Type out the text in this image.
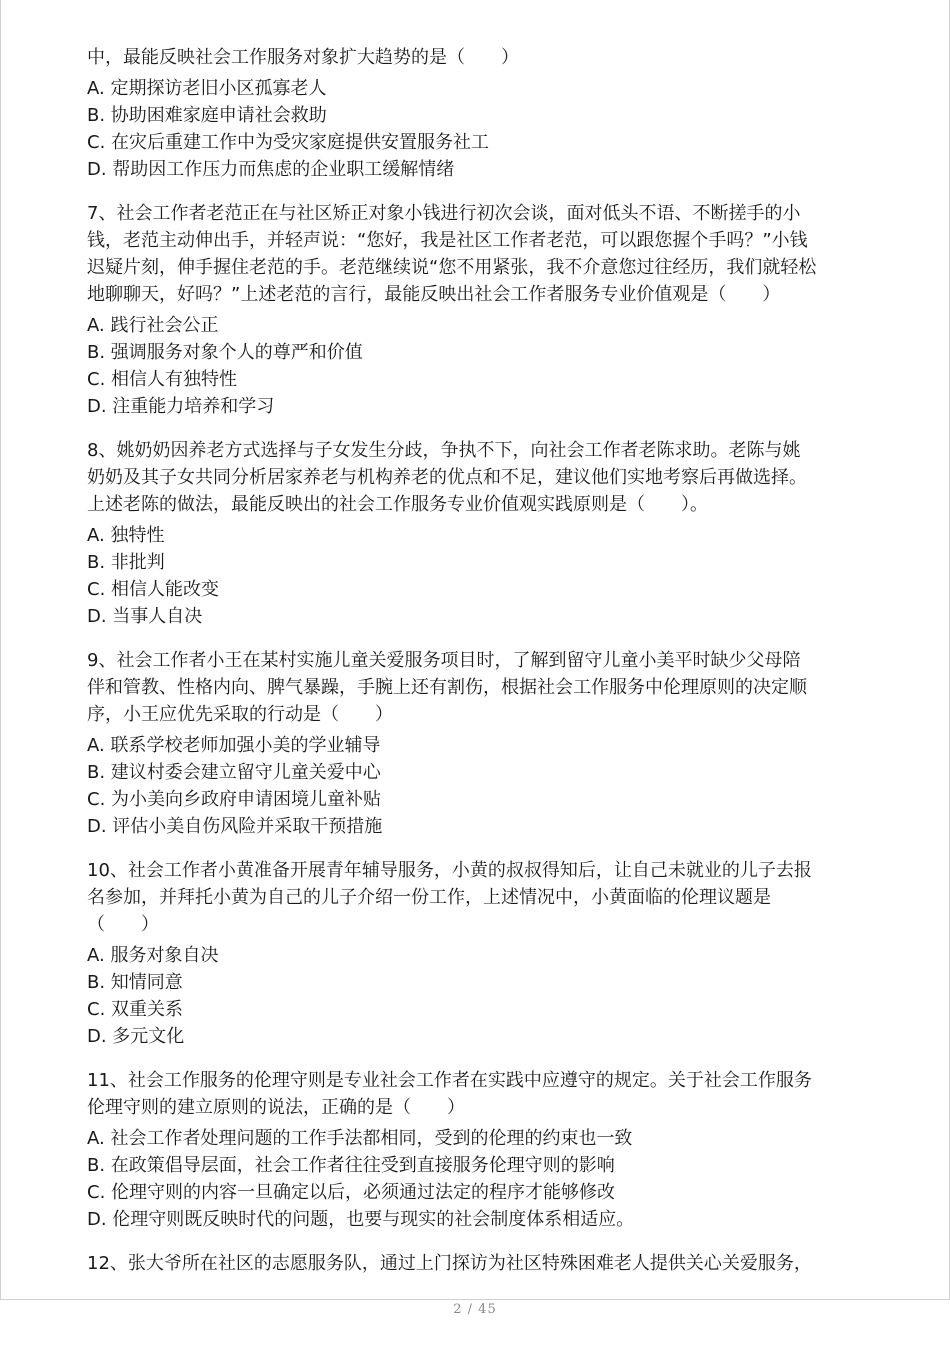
中，最能反映社会工作服务对象扩大趋势的是（　　）
A. 定期探访老旧小区孤寡老人
B. 协助困难家庭申请社会救助
C. 在灾后重建工作中为受灾家庭提供安置服务社工
D. 帮助因工作压力而焦虑的企业职工缓解情绪
7、社会工作者老范正在与社区矫正对象小钱进行初次会谈，面对低头不语、不断搓手的小
钱，老范主动伸出手，并轻声说：“您好，我是社区工作者老范，可以跟您握个手吗？”小钱
迟疑片刻，伸手握住老范的手。老范继续说“您不用紧张，我不介意您过往经历，我们就轻松
地聊聊天，好吗？”上述老范的言行，最能反映出社会工作者服务专业价值观是（　　）
A. 践行社会公正
B. 强调服务对象个人的尊严和价值
C. 相信人有独特性
D. 注重能力培养和学习
8、姚奶奶因养老方式选择与子女发生分歧，争执不下，向社会工作者老陈求助。老陈与姚
奶奶及其子女共同分析居家养老与机构养老的优点和不足，建议他们实地考察后再做选择。
上述老陈的做法，最能反映出的社会工作服务专业价值观实践原则是（　　）。
A. 独特性
B. 非批判
C. 相信人能改变
D. 当事人自决
9、社会工作者小王在某村实施儿童关爱服务项目时，了解到留守儿童小美平时缺少父母陪
伴和管教、性格内向、脾气暴躁，手腕上还有割伤，根据社会工作服务中伦理原则的决定顺
序，小王应优先采取的行动是（　　）
A. 联系学校老师加强小美的学业辅导
B. 建议村委会建立留守儿童关爱中心
C. 为小美向乡政府申请困境儿童补贴
D. 评估小美自伤风险并采取干预措施
10、社会工作者小黄准备开展青年辅导服务，小黄的叔叔得知后，让自己未就业的儿子去报
名参加，并拜托小黄为自己的儿子介绍一份工作，上述情况中，小黄面临的伦理议题是
（　　）
A. 服务对象自决
B. 知情同意
C. 双重关系
D. 多元文化
11、社会工作服务的伦理守则是专业社会工作者在实践中应遵守的规定。关于社会工作服务
伦理守则的建立原则的说法，正确的是（　　）
A. 社会工作者处理问题的工作手法都相同，受到的伦理的约束也一致
B. 在政策倡导层面，社会工作者往往受到直接服务伦理守则的影响
C. 伦理守则的内容一旦确定以后，必须通过法定的程序才能够修改
D. 伦理守则既反映时代的问题，也要与现实的社会制度体系相适应。
12、张大爷所在社区的志愿服务队，通过上门探访为社区特殊困难老人提供关心关爱服务，
2 / 45
